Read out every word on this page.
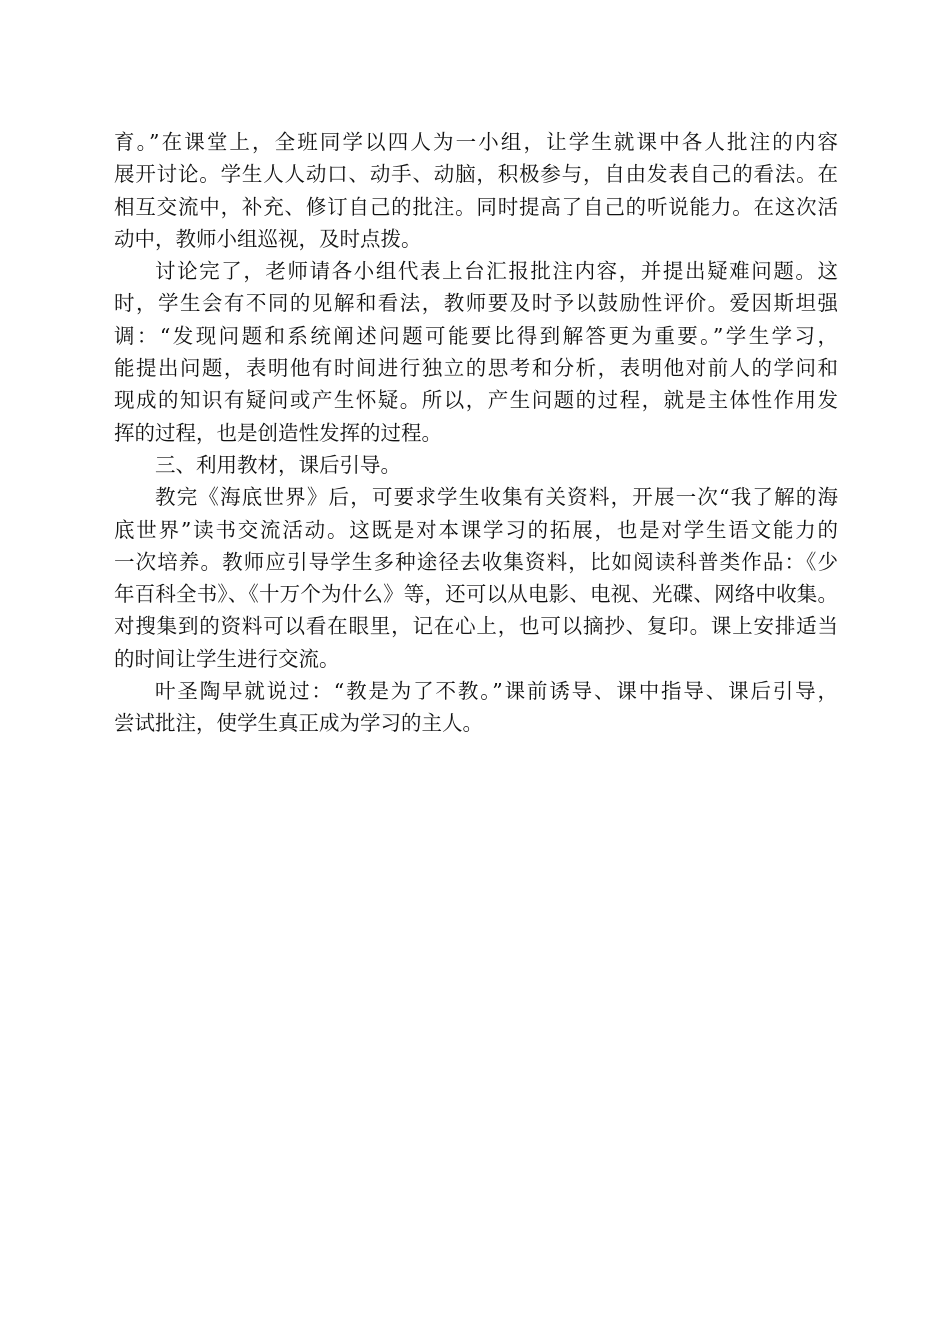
育。”在课堂上，全班同学以四人为一小组，让学生就课中各人批注的内容
展开讨论。学生人人动口、动手、动脑，积极参与，自由发表自己的看法。在
相互交流中，补充、修订自己的批注。同时提高了自己的听说能力。在这次活
动中，教师小组巡视，及时点拨。
讨论完了，老师请各小组代表上台汇报批注内容，并提出疑难问题。这
时，学生会有不同的见解和看法，教师要及时予以鼓励性评价。爱因斯坦强
调：“发现问题和系统阐述问题可能要比得到解答更为重要。”学生学习，
能提出问题，表明他有时间进行独立的思考和分析，表明他对前人的学问和
现成的知识有疑问或产生怀疑。所以，产生问题的过程，就是主体性作用发
挥的过程，也是创造性发挥的过程。
三、利用教材，课后引导。
教完《海底世界》后，可要求学生收集有关资料，开展一次“我了解的海
底世界”读书交流活动。这既是对本课学习的拓展，也是对学生语文能力的
一次培养。教师应引导学生多种途径去收集资料，比如阅读科普类作品：《少
年百科全书》、《十万个为什么》等，还可以从电影、电视、光碟、网络中收集。
对搜集到的资料可以看在眼里，记在心上，也可以摘抄、复印。课上安排适当
的时间让学生进行交流。
叶圣陶早就说过：“教是为了不教。”课前诱导、课中指导、课后引导，
尝试批注，使学生真正成为学习的主人。
